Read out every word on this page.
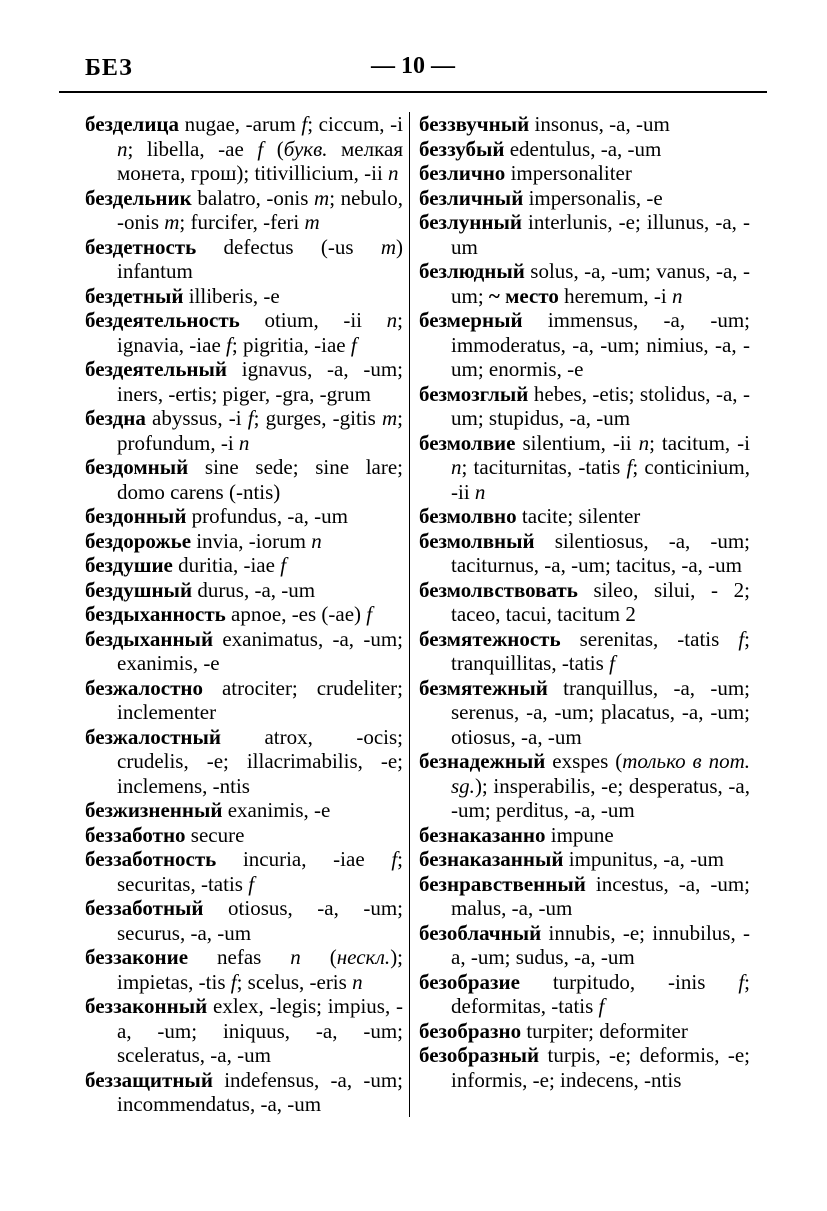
БЕЗ	— 10 —

безделица nugae, -arum f; ciccum, -i n; libella, -ae f (букв. мелкая монета, грош); titivillicium, -ii n

бездельник balatro, -onis m; nebulo, -onis m; furcifer, -feri m

бездетность defectus (-us m) infantum

бездетный illiberis, -e

бездеятельность otium, -ii n; ignavia, -iae f; pigritia, -iae f

бездеятельный ignavus, -a, -um; iners, -ertis; piger, -gra, -grum

бездна abyssus, -i f; gurges, -gitis m; profundum, -i n

бездомный sine sede; sine lare; domo carens (-ntis)

бездонный profundus, -a, -um

бездорожье invia, -iorum n

бездушие duritia, -iae f

бездушный durus, -a, -um

бездыханность apnoe, -es (-ae) f

бездыханный exanimatus, -a, -um; exanimis, -e

безжалостно atrociter; crudeliter; inclementer

безжалостный atrox, -ocis; crudelis, -e; illacrimabilis, -e; inclemens, -ntis

безжизненный exanimis, -e

беззаботно secure

беззаботность incuria, -iae f; securitas, -tatis f

беззаботный otiosus, -a, -um; securus, -a, -um

беззаконие nefas n (нескл.); impietas, -tis f; scelus, -eris n

беззаконный exlex, -legis; impius, -a, -um; iniquus, -a, -um; sceleratus, -a, -um

беззащитный indefensus, -a, -um; incommendatus, -a, -um

беззвучный insonus, -a, -um

беззубый edentulus, -a, -um

безлично impersonaliter

безличный impersonalis, -e

безлунный interlunis, -e; illunus, -a, -um

безлюдный solus, -a, -um; vanus, -a, -um; ~ место heremum, -i n

безмерный immensus, -a, -um; immoderatus, -a, -um; nimius, -a, -um; enormis, -e

безмозглый hebes, -etis; stolidus, -a, -um; stupidus, -a, -um

безмолвие silentium, -ii n; tacitum, -i n; taciturnitas, -tatis f; conticinium, -ii n

безмолвно tacite; silenter

безмолвный silentiosus, -a, -um; taciturnus, -a, -um; tacitus, -a, -um

безмолвствовать sileo, silui, - 2; taceo, tacui, tacitum 2

безмятежность serenitas, -tatis f; tranquillitas, -tatis f

безмятежный tranquillus, -a, -um; serenus, -a, -um; placatus, -a, -um; otiosus, -a, -um

безнадежный exspes (только в nom. sg.); insperabilis, -e; desperatus, -a, -um; perditus, -a, -um

безнаказанно impune

безнаказанный impunitus, -a, -um

безнравственный incestus, -a, -um; malus, -a, -um

безоблачный innubis, -e; innubilus, -a, -um; sudus, -a, -um

безобразие turpitudo, -inis f; deformitas, -tatis f

безобразно turpiter; deformiter

безобразный turpis, -e; deformis, -e; informis, -e; indecens, -ntis
